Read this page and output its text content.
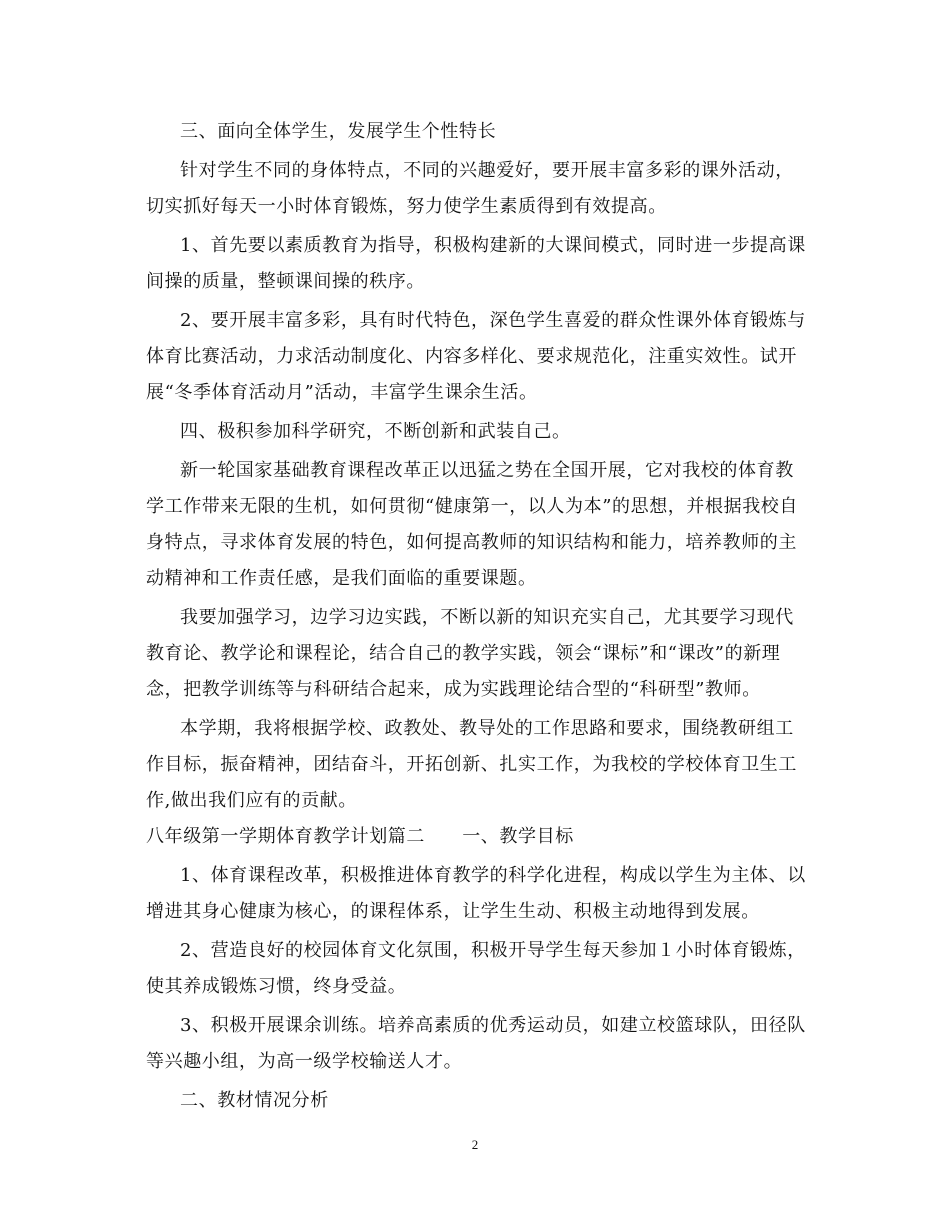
三、面向全体学生，发展学生个性特长
针对学生不同的身体特点，不同的兴趣爱好，要开展丰富多彩的课外活动，
切实抓好每天一小时体育锻炼，努力使学生素质得到有效提高。
1、首先要以素质教育为指导，积极构建新的大课间模式，同时进一步提高课
间操的质量，整顿课间操的秩序。
2、要开展丰富多彩，具有时代特色，深色学生喜爱的群众性课外体育锻炼与
体育比赛活动，力求活动制度化、内容多样化、要求规范化，注重实效性。试开
展“冬季体育活动月”活动，丰富学生课余生活。
四、极积参加科学研究，不断创新和武装自己。
新一轮国家基础教育课程改革正以迅猛之势在全国开展，它对我校的体育教
学工作带来无限的生机，如何贯彻“健康第一，以人为本”的思想，并根据我校自
身特点，寻求体育发展的特色，如何提高教师的知识结构和能力，培养教师的主
动精神和工作责任感，是我们面临的重要课题。
我要加强学习，边学习边实践，不断以新的知识充实自己，尤其要学习现代
教育论、教学论和课程论，结合自己的教学实践，领会“课标”和“课改”的新理
念，把教学训练等与科研结合起来，成为实践理论结合型的“科研型”教师。
本学期，我将根据学校、政教处、教导处的工作思路和要求，围绕教研组工
作目标，振奋精神，团结奋斗，开拓创新、扎实工作，为我校的学校体育卫生工
作,做出我们应有的贡献。
八年级第一学期体育教学计划篇二　　一、教学目标
1、体育课程改革，积极推进体育教学的科学化进程，构成以学生为主体、以
增进其身心健康为核心，的课程体系，让学生生动、积极主动地得到发展。
2、营造良好的校园体育文化氛围，积极开导学生每天参加１小时体育锻炼，
使其养成锻炼习惯，终身受益。
3、积极开展课余训练。培养高素质的优秀运动员，如建立校篮球队，田径队
等兴趣小组，为高一级学校输送人才。
二、教材情况分析
2
